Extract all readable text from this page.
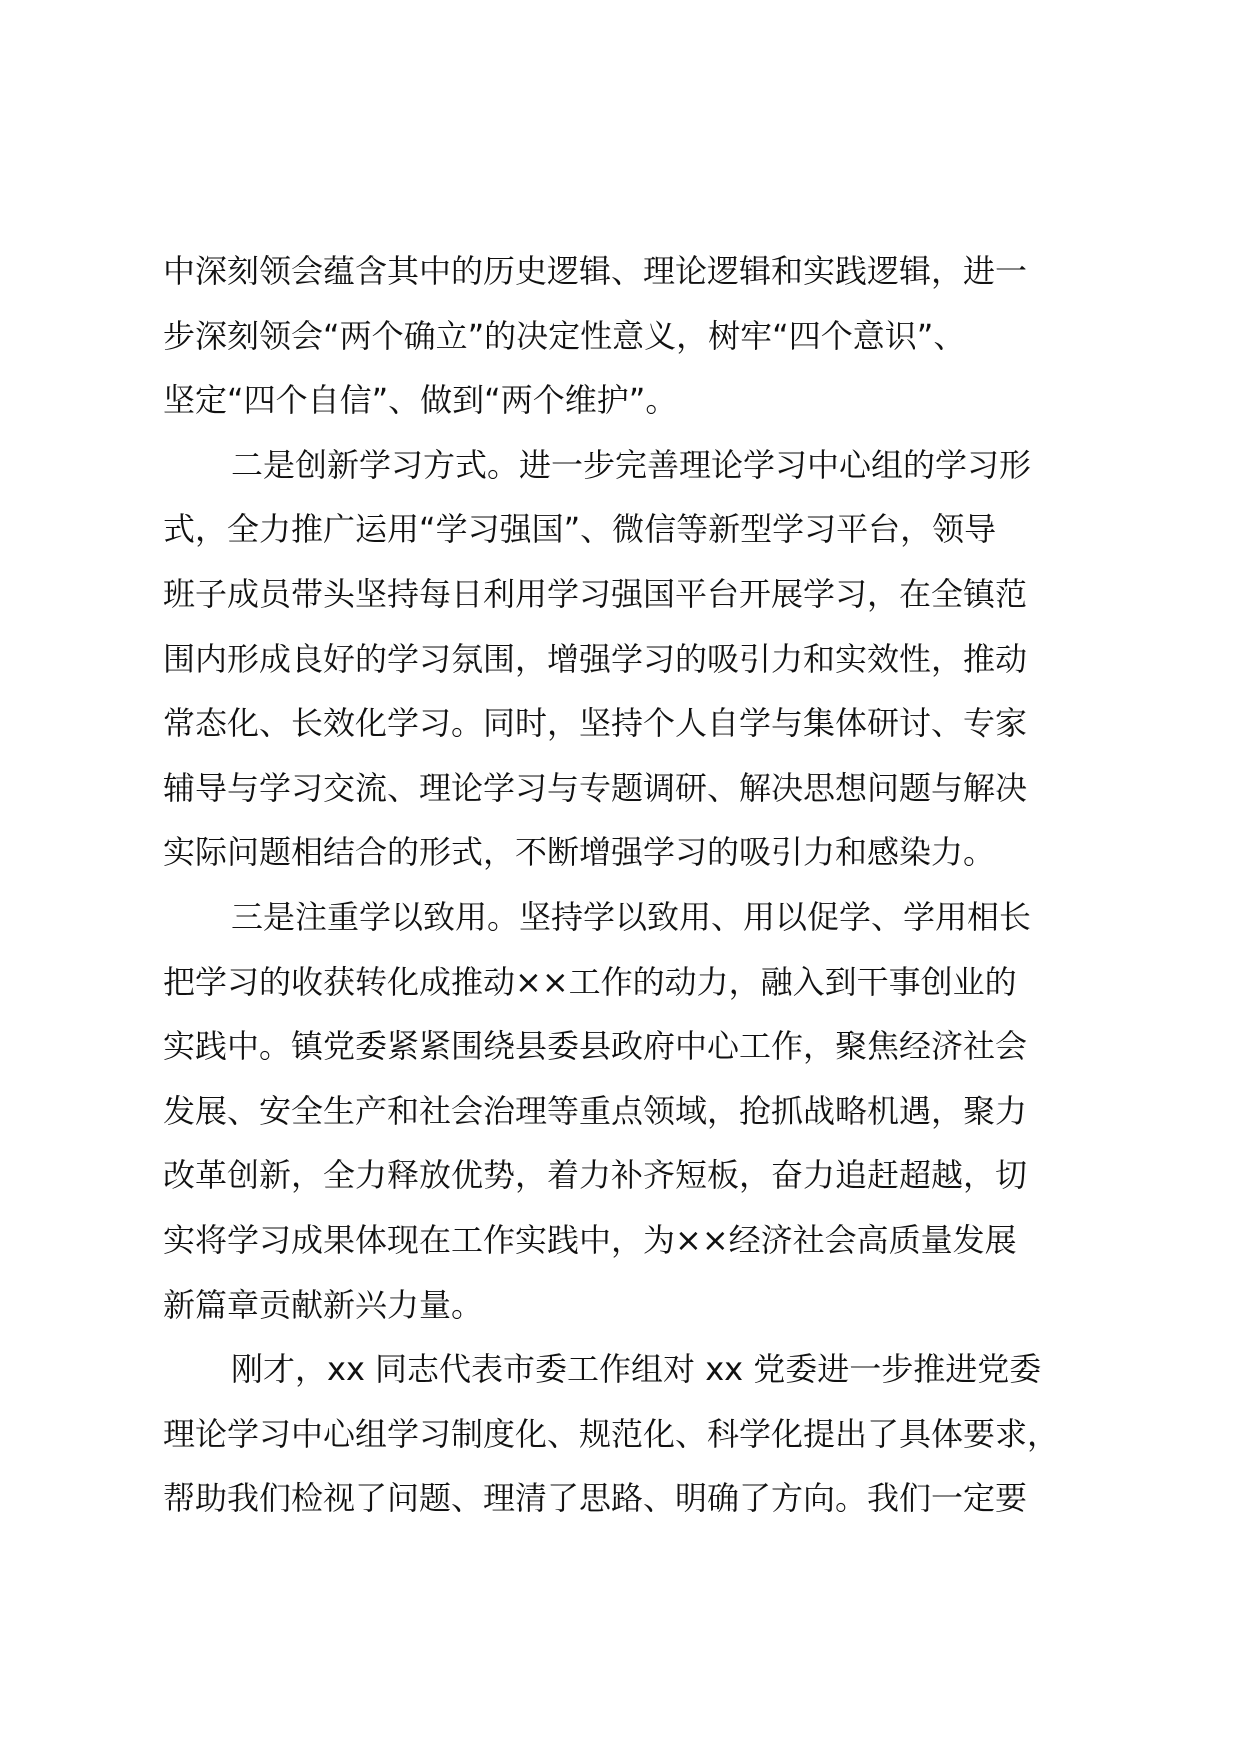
中深刻领会蕴含其中的历史逻辑、理论逻辑和实践逻辑，进一
步深刻领会“两个确立”的决定性意义，树牢“四个意识”、
坚定“四个自信”、做到“两个维护”。
二是创新学习方式。进一步完善理论学习中心组的学习形
式，全力推广运用“学习强国”、微信等新型学习平台，领导
班子成员带头坚持每日利用学习强国平台开展学习，在全镇范
围内形成良好的学习氛围，增强学习的吸引力和实效性，推动
常态化、长效化学习。同时，坚持个人自学与集体研讨、专家
辅导与学习交流、理论学习与专题调研、解决思想问题与解决
实际问题相结合的形式，不断增强学习的吸引力和感染力。
三是注重学以致用。坚持学以致用、用以促学、学用相长
把学习的收获转化成推动××工作的动力，融入到干事创业的
实践中。镇党委紧紧围绕县委县政府中心工作，聚焦经济社会
发展、安全生产和社会治理等重点领域，抢抓战略机遇，聚力
改革创新，全力释放优势，着力补齐短板，奋力追赶超越，切
实将学习成果体现在工作实践中，为××经济社会高质量发展
新篇章贡献新兴力量。
刚才，xx 同志代表市委工作组对 xx 党委进一步推进党委
理论学习中心组学习制度化、规范化、科学化提出了具体要求，
帮助我们检视了问题、理清了思路、明确了方向。我们一定要
